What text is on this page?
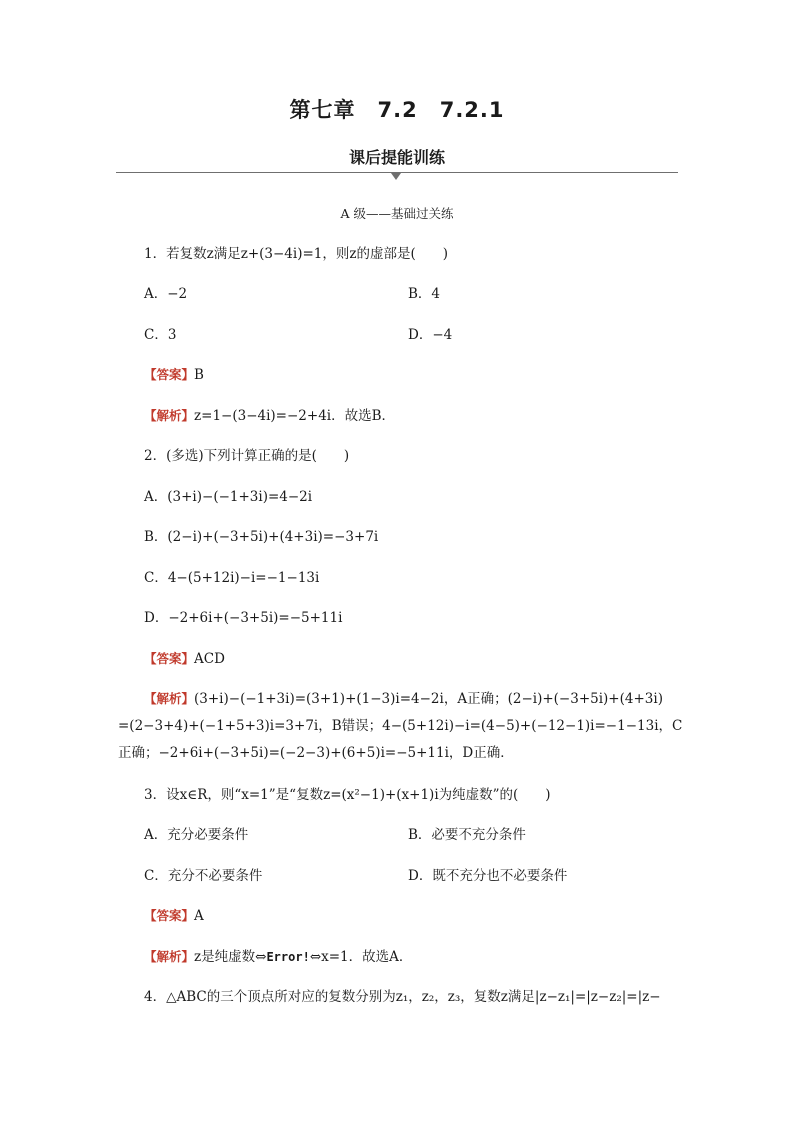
第七章　7.2　7.2.1
课后提能训练
A 级——基础过关练
1．若复数z满足z+(3−4i)=1，则z的虚部是(　　)
A．−2	B．4
C．3	D．−4
【答案】B
【解析】z=1−(3−4i)=−2+4i．故选B．
2．(多选)下列计算正确的是(　　)
A．(3+i)−(−1+3i)=4−2i
B．(2−i)+(−3+5i)+(4+3i)=−3+7i
C．4−(5+12i)−i=−1−13i
D．−2+6i+(−3+5i)=−5+11i
【答案】ACD
【解析】(3+i)−(−1+3i)=(3+1)+(1−3)i=4−2i，A正确；(2−i)+(−3+5i)+(4+3i)
=(2−3+4)+(−1+5+3)i=3+7i，B错误；4−(5+12i)−i=(4−5)+(−12−1)i=−1−13i，C
正确；−2+6i+(−3+5i)=(−2−3)+(6+5)i=−5+11i，D正确．
3．设x∈R，则“x=1”是“复数z=(x²−1)+(x+1)i为纯虚数”的(　　)
A．充分必要条件	B．必要不充分条件
C．充分不必要条件	D．既不充分也不必要条件
【答案】A
【解析】z是纯虚数⇔Error!⇔x=1．故选A．
4．△ABC的三个顶点所对应的复数分别为z₁，z₂，z₃，复数z满足|z−z₁|=|z−z₂|=|z−
